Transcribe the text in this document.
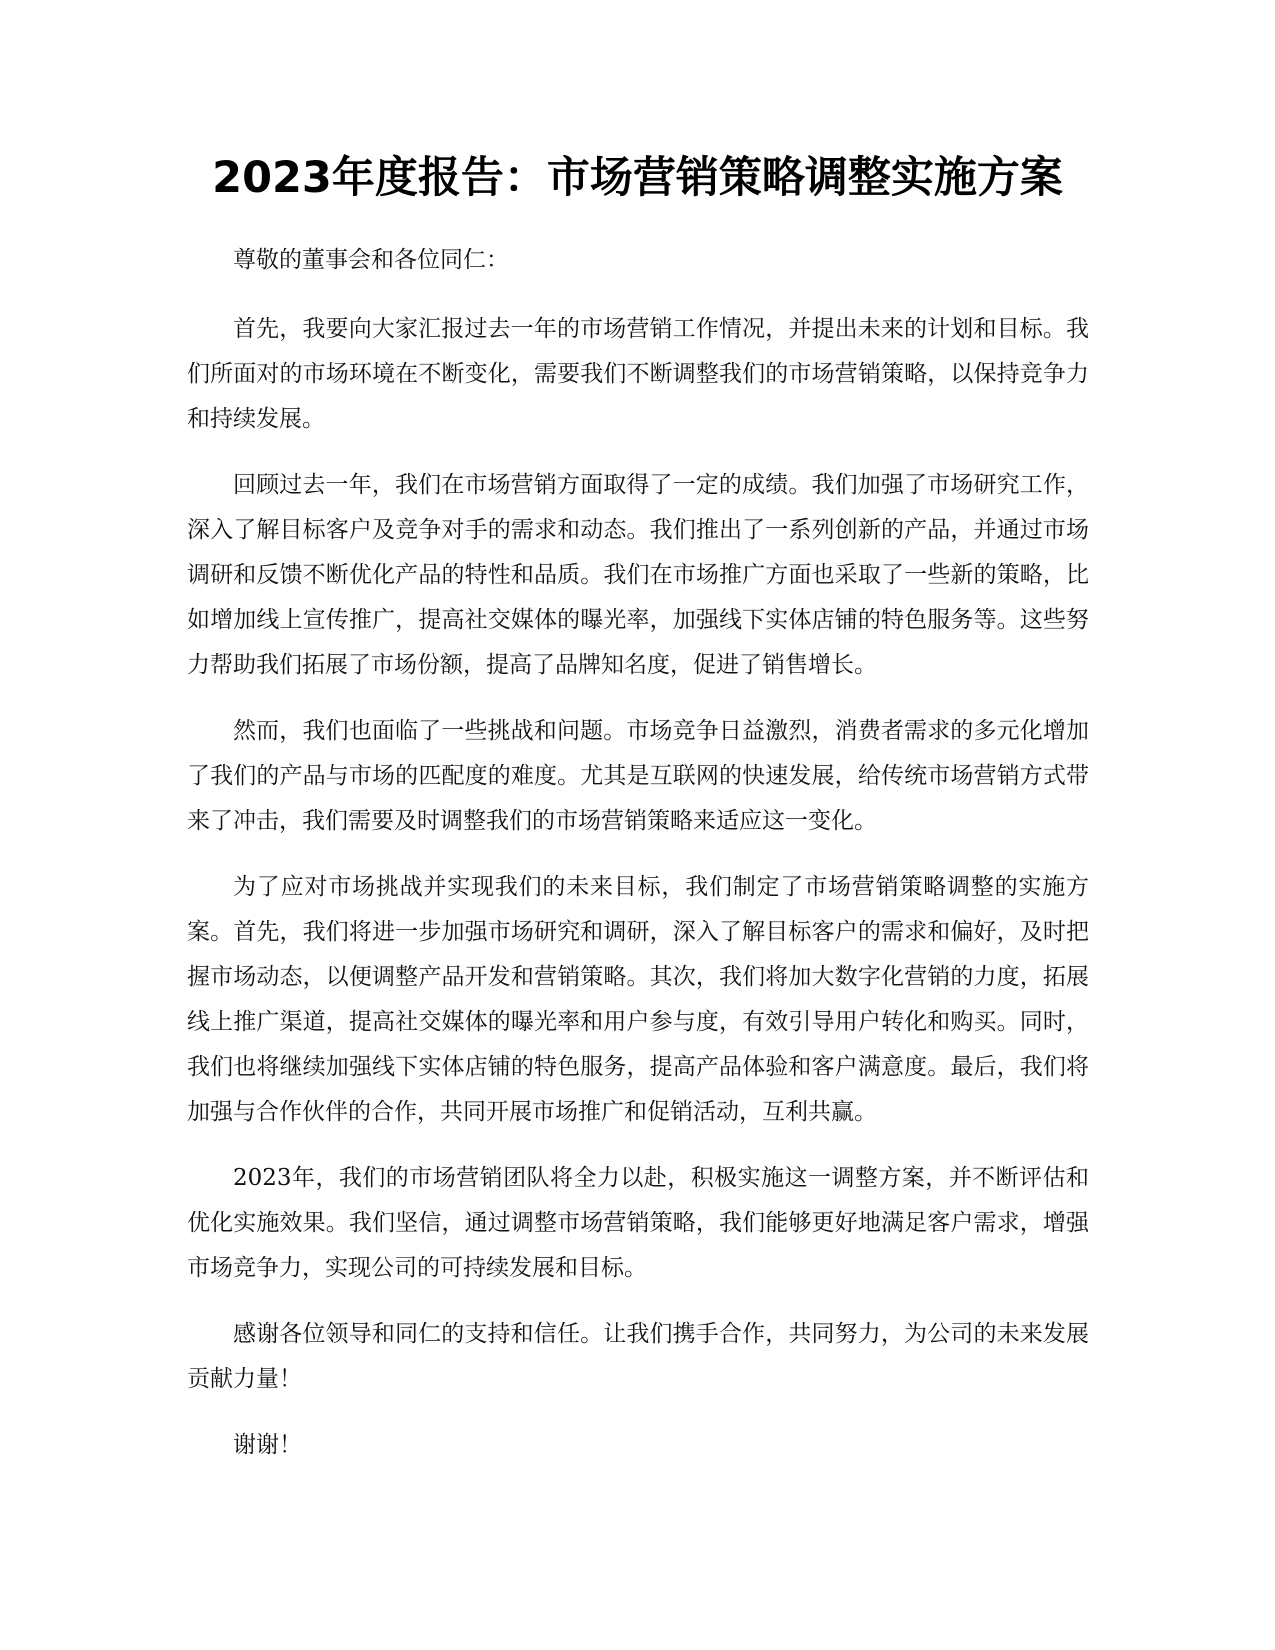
2023年度报告：市场营销策略调整实施方案

尊敬的董事会和各位同仁：

首先，我要向大家汇报过去一年的市场营销工作情况，并提出未来的计划和目标。我们所面对的市场环境在不断变化，需要我们不断调整我们的市场营销策略，以保持竞争力和持续发展。

回顾过去一年，我们在市场营销方面取得了一定的成绩。我们加强了市场研究工作，深入了解目标客户及竞争对手的需求和动态。我们推出了一系列创新的产品，并通过市场调研和反馈不断优化产品的特性和品质。我们在市场推广方面也采取了一些新的策略，比如增加线上宣传推广，提高社交媒体的曝光率，加强线下实体店铺的特色服务等。这些努力帮助我们拓展了市场份额，提高了品牌知名度，促进了销售增长。

然而，我们也面临了一些挑战和问题。市场竞争日益激烈，消费者需求的多元化增加了我们的产品与市场的匹配度的难度。尤其是互联网的快速发展，给传统市场营销方式带来了冲击，我们需要及时调整我们的市场营销策略来适应这一变化。

为了应对市场挑战并实现我们的未来目标，我们制定了市场营销策略调整的实施方案。首先，我们将进一步加强市场研究和调研，深入了解目标客户的需求和偏好，及时把握市场动态，以便调整产品开发和营销策略。其次，我们将加大数字化营销的力度，拓展线上推广渠道，提高社交媒体的曝光率和用户参与度，有效引导用户转化和购买。同时，我们也将继续加强线下实体店铺的特色服务，提高产品体验和客户满意度。最后，我们将加强与合作伙伴的合作，共同开展市场推广和促销活动，互利共赢。

2023年，我们的市场营销团队将全力以赴，积极实施这一调整方案，并不断评估和优化实施效果。我们坚信，通过调整市场营销策略，我们能够更好地满足客户需求，增强市场竞争力，实现公司的可持续发展和目标。

感谢各位领导和同仁的支持和信任。让我们携手合作，共同努力，为公司的未来发展贡献力量！

谢谢！
